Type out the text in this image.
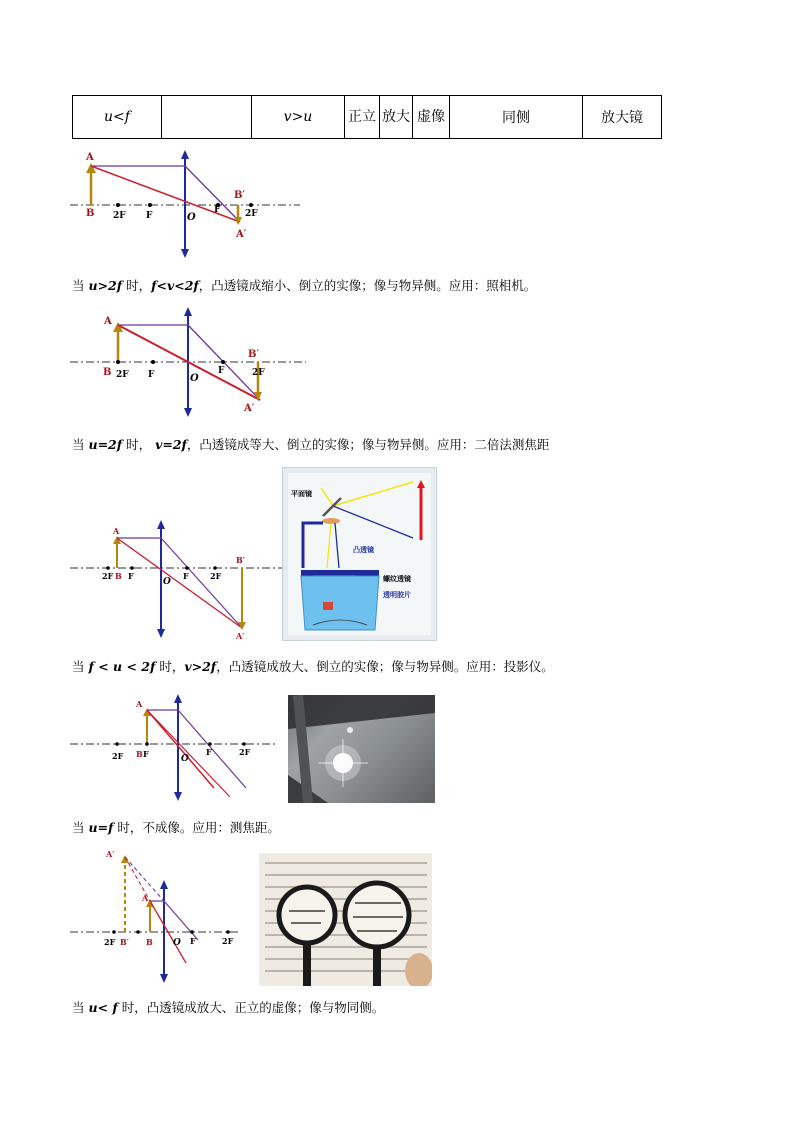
u<f		v>u	正立	放大	虚像	同侧	放大镜
A
B 2F F	O
F	2F
B′
A′
当 u>2f 时，f<v<2f，凸透镜成缩小、倒立的实像；像与物异侧。应用：照相机。
A
B 2F F	O
F	2F
B′
A′
当 u=2f 时， v=2f，凸透镜成等大、倒立的实像；像与物异侧。应用：二倍法测焦距
A
2F B F
O
F	2F
B′
A′
平面镜
凸透镜
螺纹透镜
透明胶片
当 f < u < 2f 时，v>2f，凸透镜成放大、倒立的实像；像与物异侧。应用：投影仪。
A
2F B F	O
F	2F
当 u=f 时，不成像。应用：测焦距。
A′
A
2F B′ B O F	2F
当 u< f 时，凸透镜成放大、正立的虚像；像与物同侧。
